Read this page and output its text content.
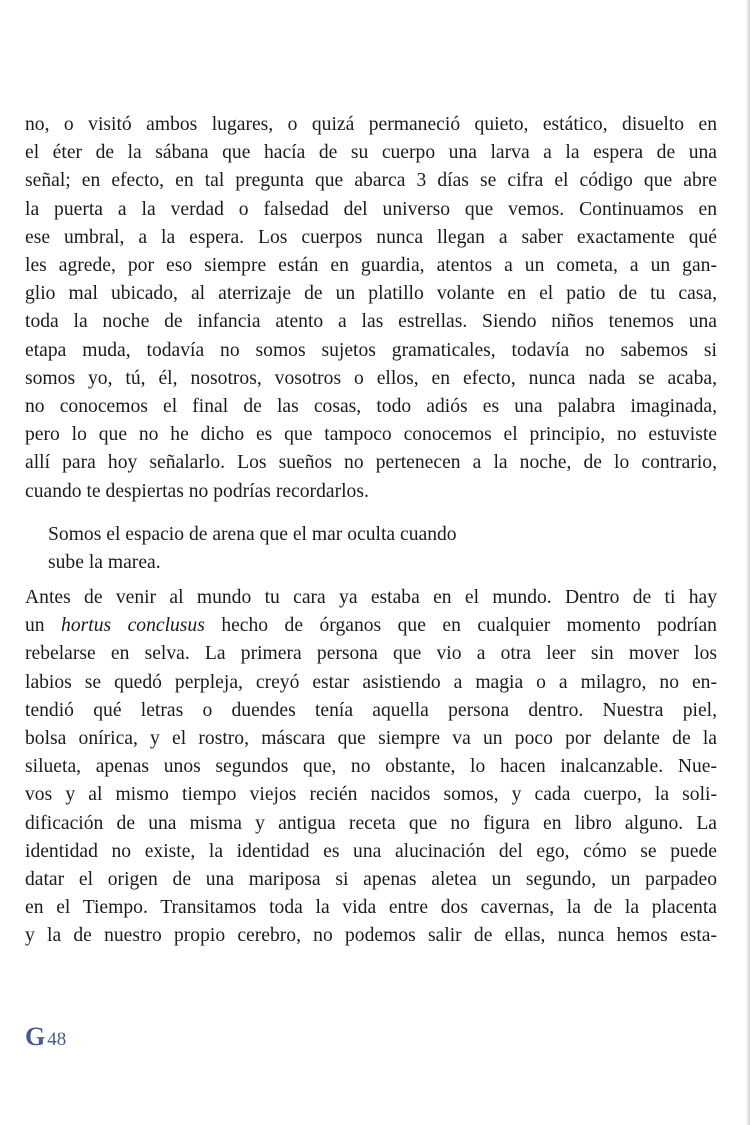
no, o visitó ambos lugares, o quizá permaneció quieto, estático, disuelto en
el éter de la sábana que hacía de su cuerpo una larva a la espera de una
señal; en efecto, en tal pregunta que abarca 3 días se cifra el código que abre
la puerta a la verdad o falsedad del universo que vemos. Continuamos en
ese umbral, a la espera. Los cuerpos nunca llegan a saber exactamente qué
les agrede, por eso siempre están en guardia, atentos a un cometa, a un gan-
glio mal ubicado, al aterrizaje de un platillo volante en el patio de tu casa,
toda la noche de infancia atento a las estrellas. Siendo niños tenemos una
etapa muda, todavía no somos sujetos gramaticales, todavía no sabemos si
somos yo, tú, él, nosotros, vosotros o ellos, en efecto, nunca nada se acaba,
no conocemos el final de las cosas, todo adiós es una palabra imaginada,
pero lo que no he dicho es que tampoco conocemos el principio, no estuviste
allí para hoy señalarlo. Los sueños no pertenecen a la noche, de lo contrario,
cuando te despiertas no podrías recordarlos.
Somos el espacio de arena que el mar oculta cuando
sube la marea.
Antes de venir al mundo tu cara ya estaba en el mundo. Dentro de ti hay
un hortus conclusus hecho de órganos que en cualquier momento podrían
rebelarse en selva. La primera persona que vio a otra leer sin mover los
labios se quedó perpleja, creyó estar asistiendo a magia o a milagro, no en-
tendió qué letras o duendes tenía aquella persona dentro. Nuestra piel,
bolsa onírica, y el rostro, máscara que siempre va un poco por delante de la
silueta, apenas unos segundos que, no obstante, lo hacen inalcanzable. Nue-
vos y al mismo tiempo viejos recién nacidos somos, y cada cuerpo, la soli-
dificación de una misma y antigua receta que no figura en libro alguno. La
identidad no existe, la identidad es una alucinación del ego, cómo se puede
datar el origen de una mariposa si apenas aletea un segundo, un parpadeo
en el Tiempo. Transitamos toda la vida entre dos cavernas, la de la placenta
y la de nuestro propio cerebro, no podemos salir de ellas, nunca hemos esta-
G 48
